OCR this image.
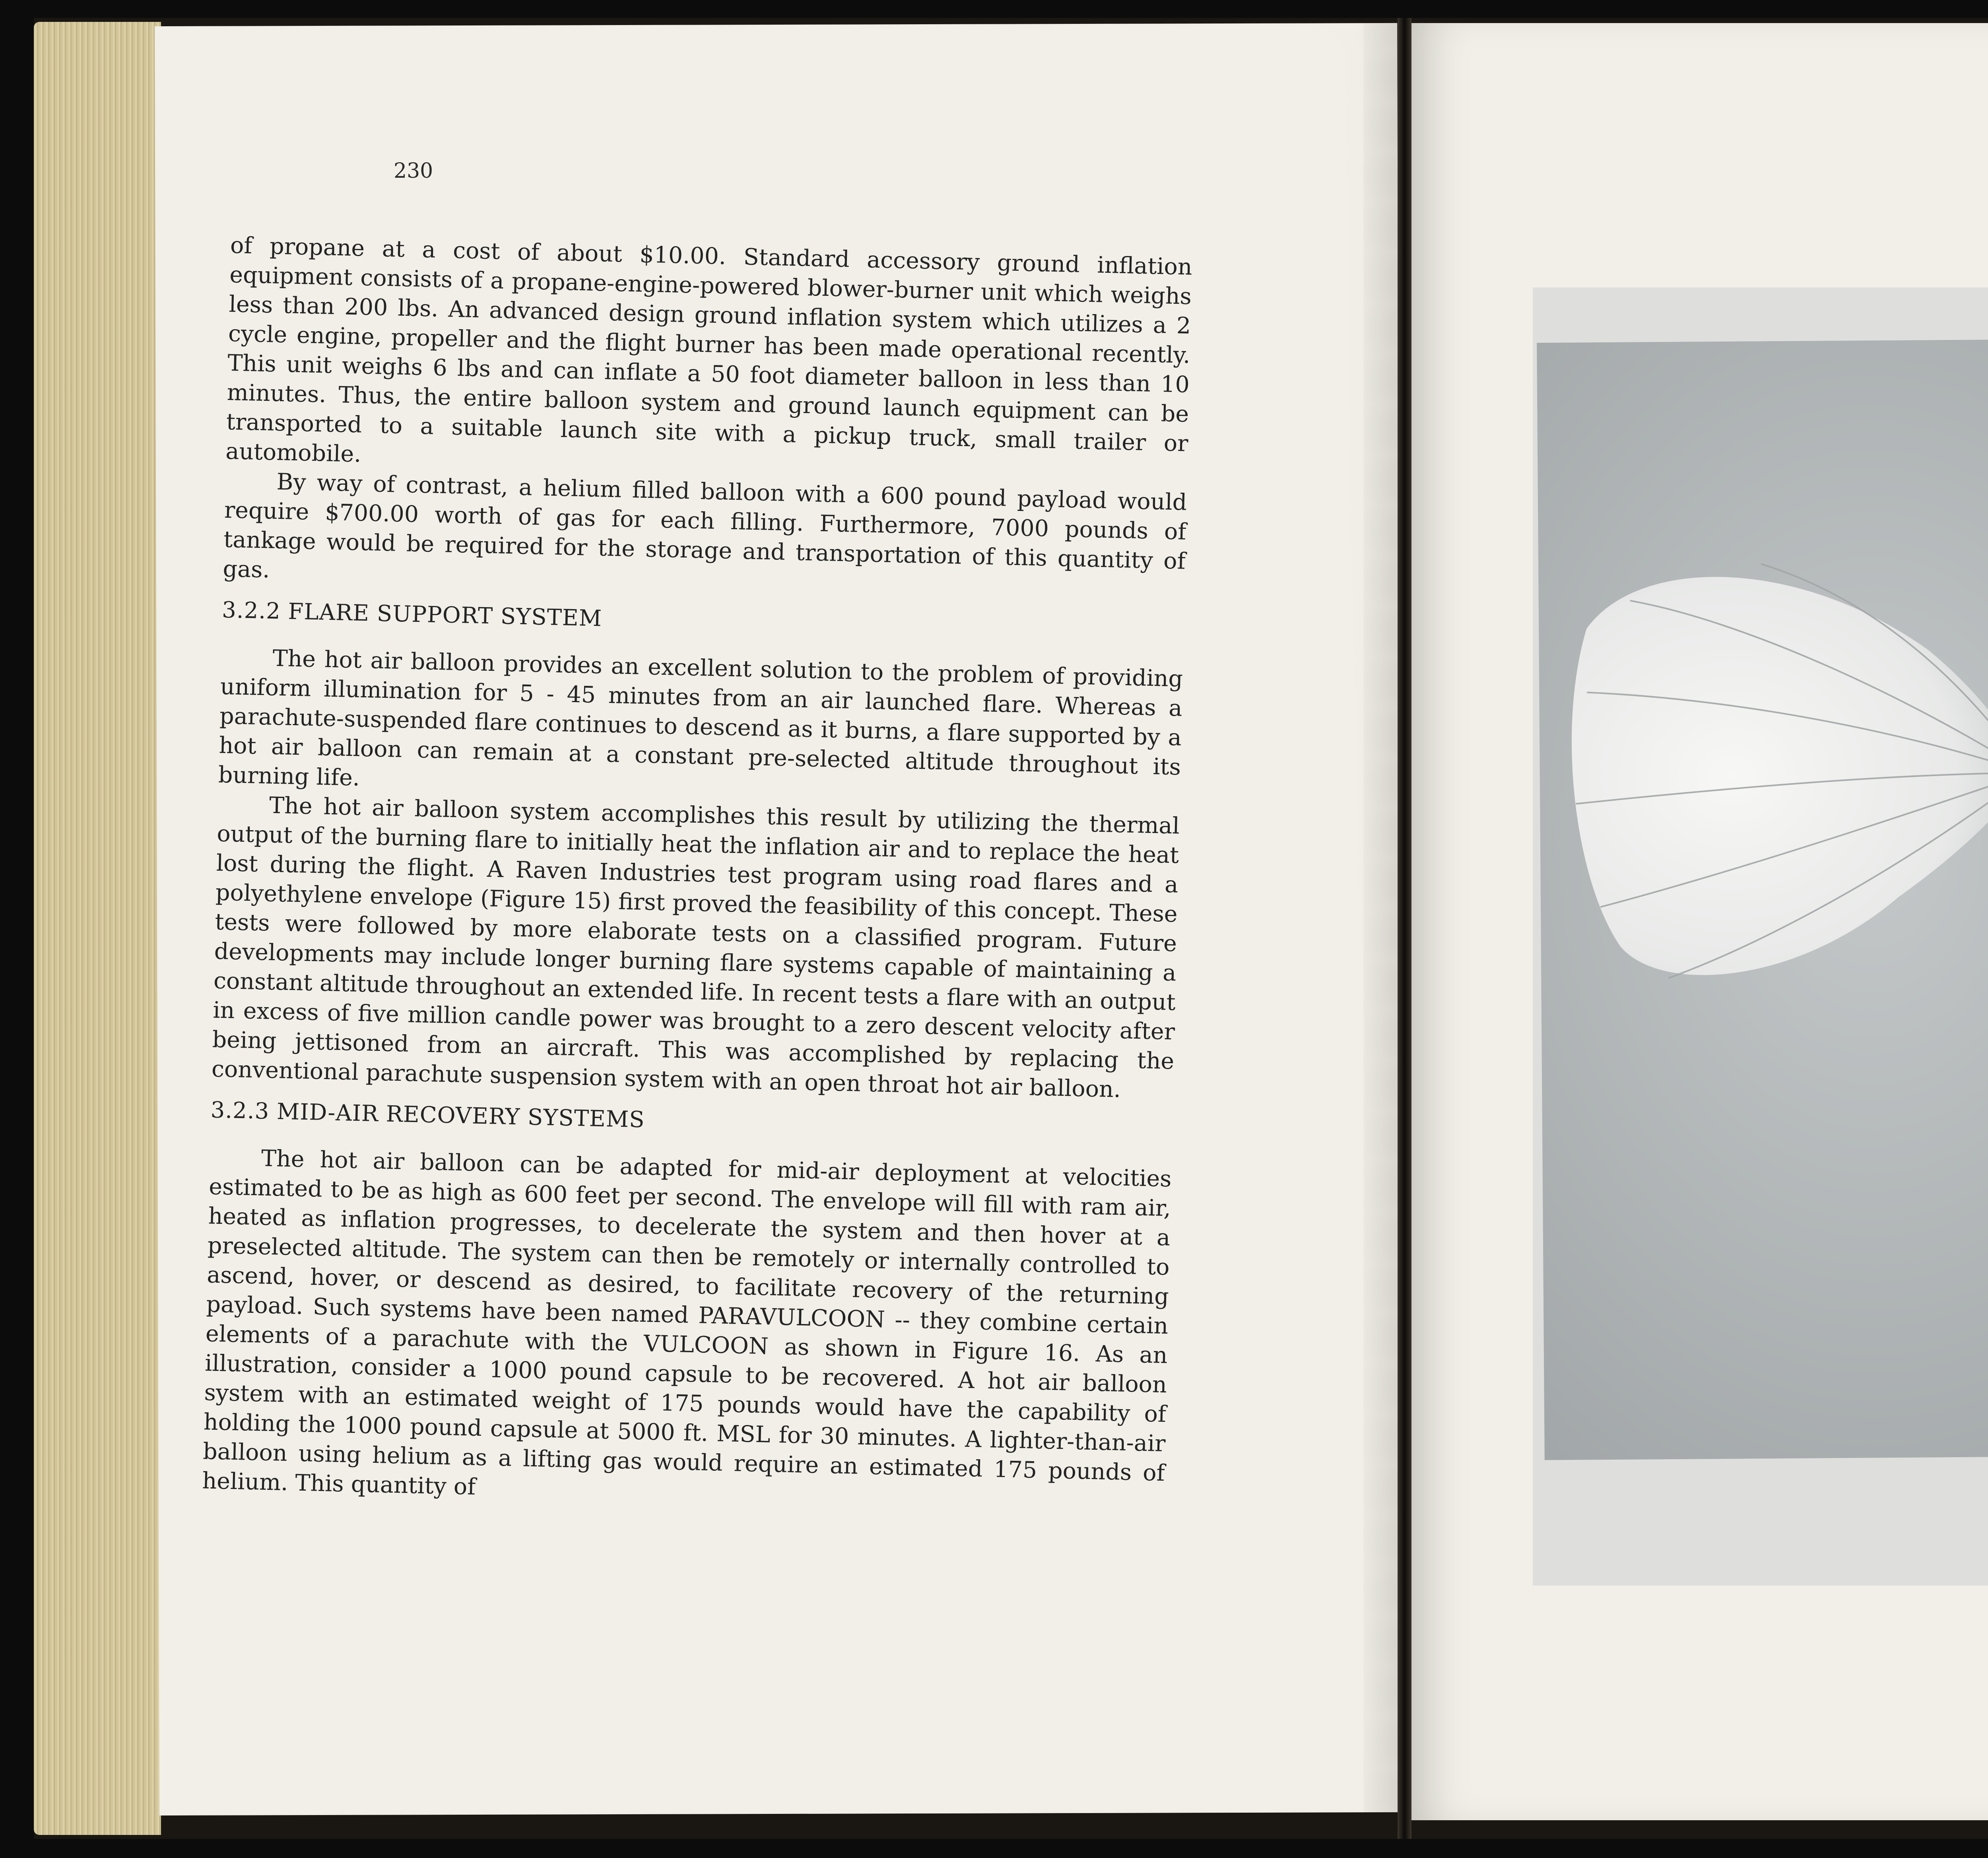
230

of propane at a cost of about $10.00. Standard accessory ground inflation equipment consists of a propane-engine-powered blower-burner unit which weighs less than 200 lbs. An advanced design ground inflation system which utilizes a 2 cycle engine, propeller and the flight burner has been made operational recently. This unit weighs 6 lbs and can inflate a 50 foot diameter balloon in less than 10 minutes. Thus, the entire balloon system and ground launch equipment can be transported to a suitable launch site with a pickup truck, small trailer or automobile.

By way of contrast, a helium filled balloon with a 600 pound payload would require $700.00 worth of gas for each filling. Furthermore, 7000 pounds of tankage would be required for the storage and transportation of this quantity of gas.

3.2.2 FLARE SUPPORT SYSTEM

The hot air balloon provides an excellent solution to the problem of providing uniform illumination for 5 - 45 minutes from an air launched flare. Whereas a parachute-suspended flare continues to descend as it burns, a flare supported by a hot air balloon can remain at a constant pre-selected altitude throughout its burning life.

The hot air balloon system accomplishes this result by utilizing the thermal output of the burning flare to initially heat the inflation air and to replace the heat lost during the flight. A Raven Industries test program using road flares and a polyethylene envelope (Figure 15) first proved the feasibility of this concept. These tests were followed by more elaborate tests on a classified program. Future developments may include longer burning flare systems capable of maintaining a constant altitude throughout an extended life. In recent tests a flare with an output in excess of five million candle power was brought to a zero descent velocity after being jettisoned from an aircraft. This was accomplished by replacing the conventional parachute suspension system with an open throat hot air balloon.

3.2.3 MID-AIR RECOVERY SYSTEMS

The hot air balloon can be adapted for mid-air deployment at velocities estimated to be as high as 600 feet per second. The envelope will fill with ram air, heated as inflation progresses, to decelerate the system and then hover at a preselected altitude. The system can then be remotely or internally controlled to ascend, hover, or descend as desired, to facilitate recovery of the returning payload. Such systems have been named PARAVULCOON -- they combine certain elements of a parachute with the VULCOON as shown in Figure 16. As an illustration, consider a 1000 pound capsule to be recovered. A hot air balloon system with an estimated weight of 175 pounds would have the capability of holding the 1000 pound capsule at 5000 ft. MSL for 30 minutes. A lighter-than-air balloon using helium as a lifting gas would require an estimated 175 pounds of helium. This quantity of
